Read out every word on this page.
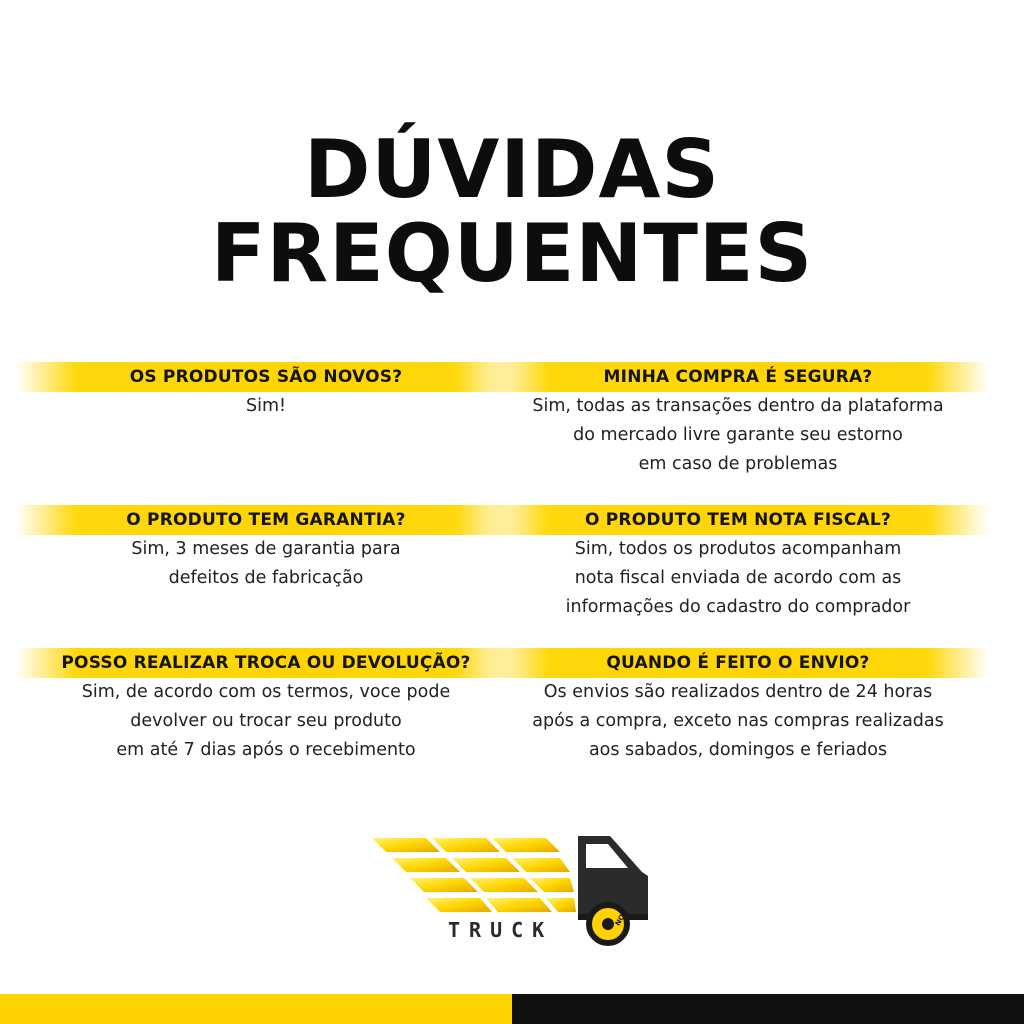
DÚVIDAS
FREQUENTES
OS PRODUTOS SÃO NOVOS?
Sim!
MINHA COMPRA É SEGURA?
Sim, todas as transações dentro da plataforma
do mercado livre garante seu estorno
em caso de problemas
O PRODUTO TEM GARANTIA?
Sim, 3 meses de garantia para
defeitos de fabricação
O PRODUTO TEM NOTA FISCAL?
Sim, todos os produtos acompanham
nota fiscal enviada de acordo com as
informações do cadastro do comprador
POSSO REALIZAR TROCA OU DEVOLUÇÃO?
Sim, de acordo com os termos, voce pode
devolver ou trocar seu produto
em até 7 dias após o recebimento
QUANDO É FEITO O ENVIO?
Os envios são realizados dentro de 24 horas
após a compra, exceto nas compras realizadas
aos sabados, domingos e feriados
TRUCK	NOS
